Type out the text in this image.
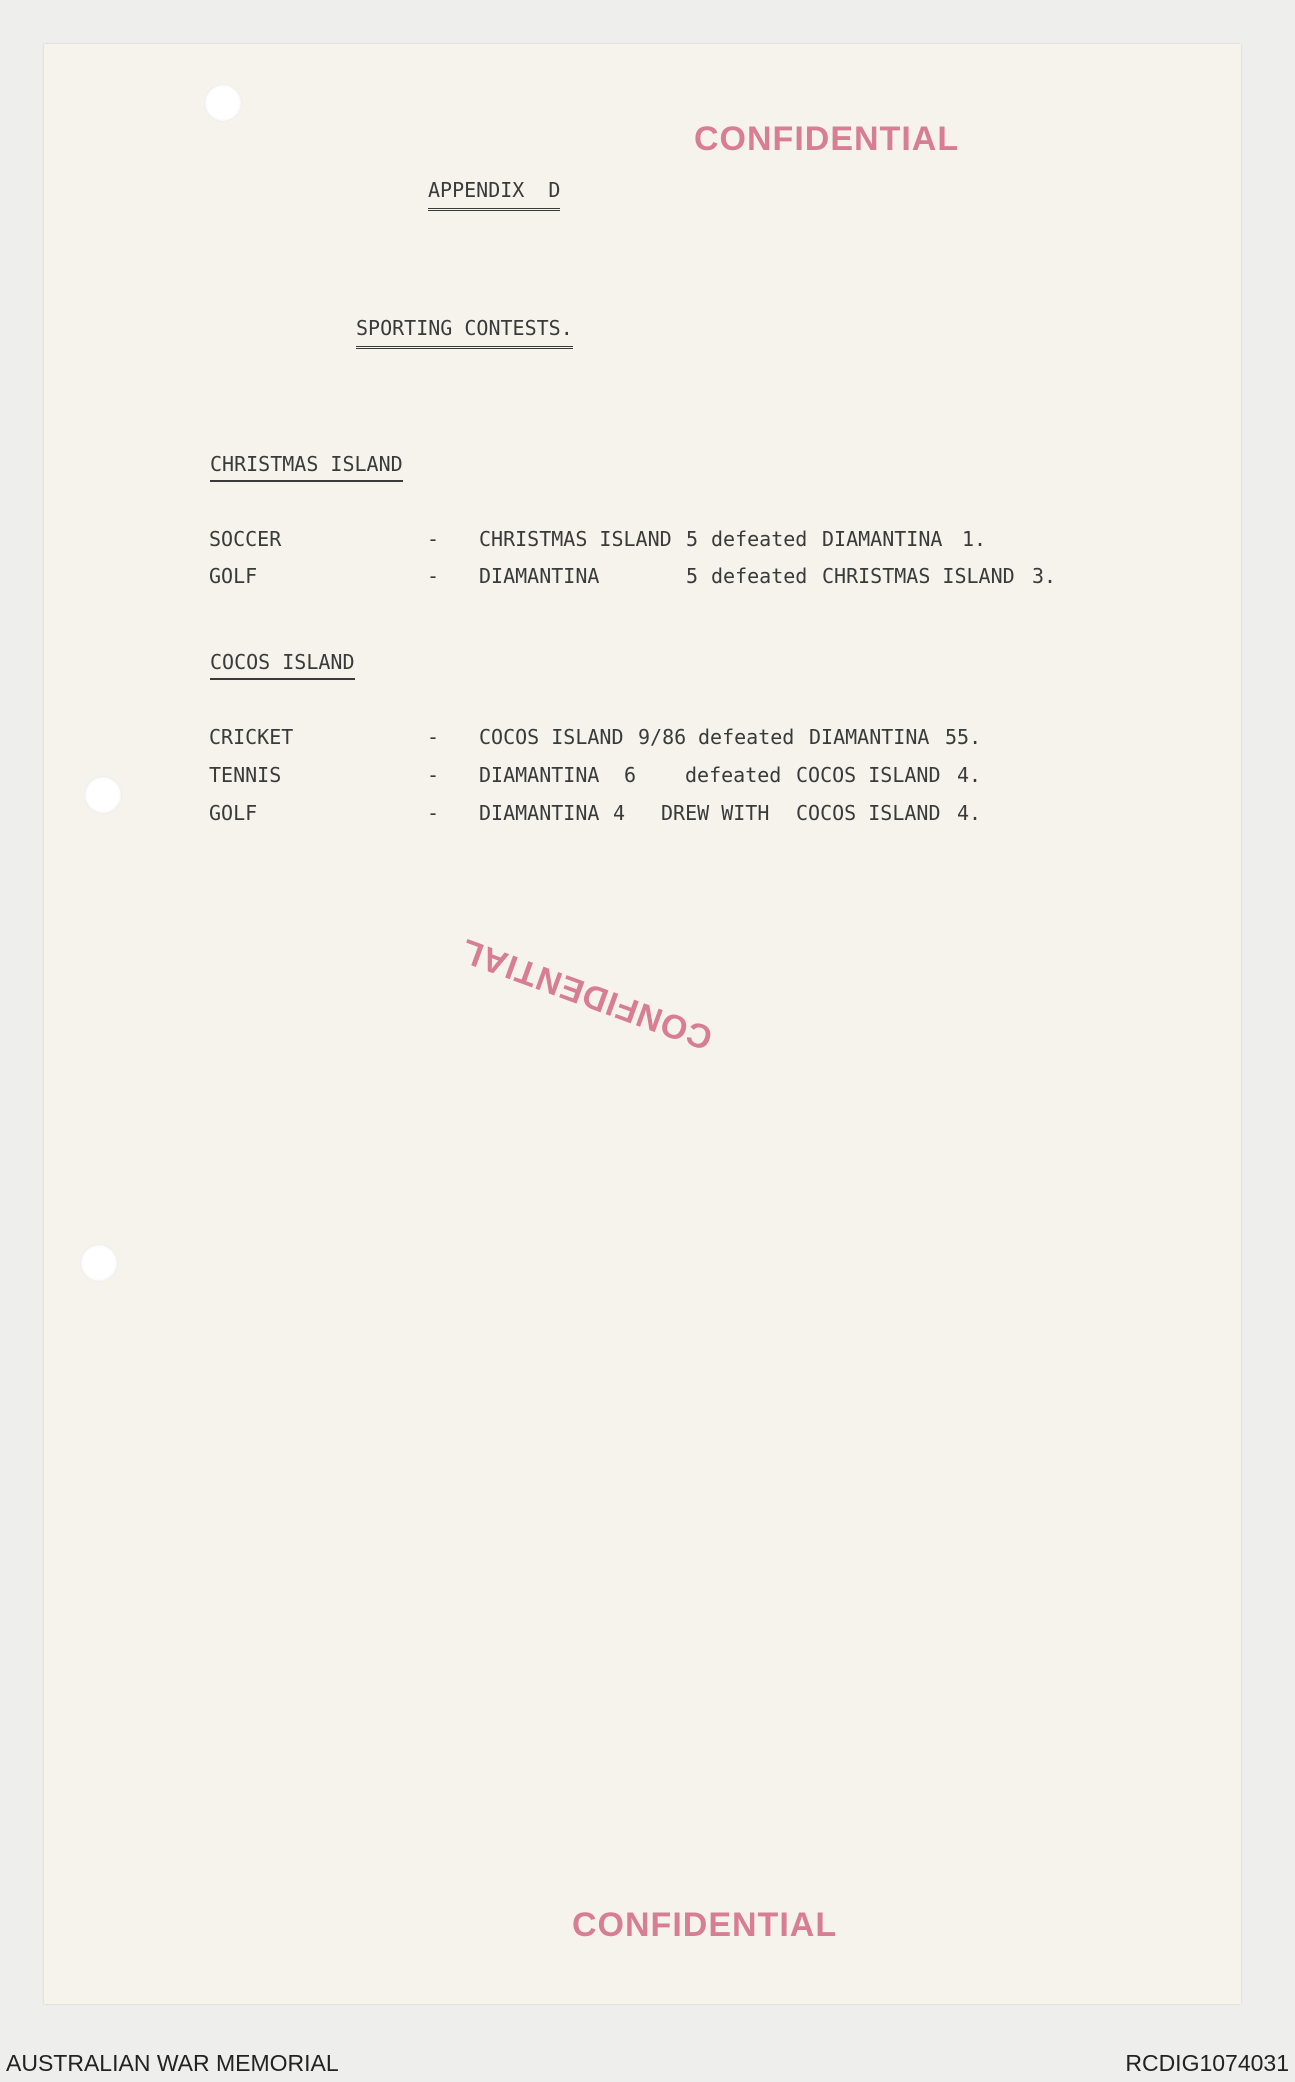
CONFIDENTIAL
CONFIDENTIAL
CONFIDENTIAL
APPENDIX  D
SPORTING CONTESTS.
CHRISTMAS ISLAND
SOCCER	- CHRISTMAS ISLAND 5 defeated DIAMANTINA 1.
GOLF	- DIAMANTINA	5 defeated CHRISTMAS ISLAND 3.
COCOS ISLAND
CRICKET	- COCOS ISLAND 9/86 defeated DIAMANTINA 55.
TENNIS	- DIAMANTINA 6 defeated COCOS ISLAND 4.
GOLF	- DIAMANTINA 4 DREW WITH COCOS ISLAND 4.
AUSTRALIAN WAR MEMORIAL	RCDIG1074031
